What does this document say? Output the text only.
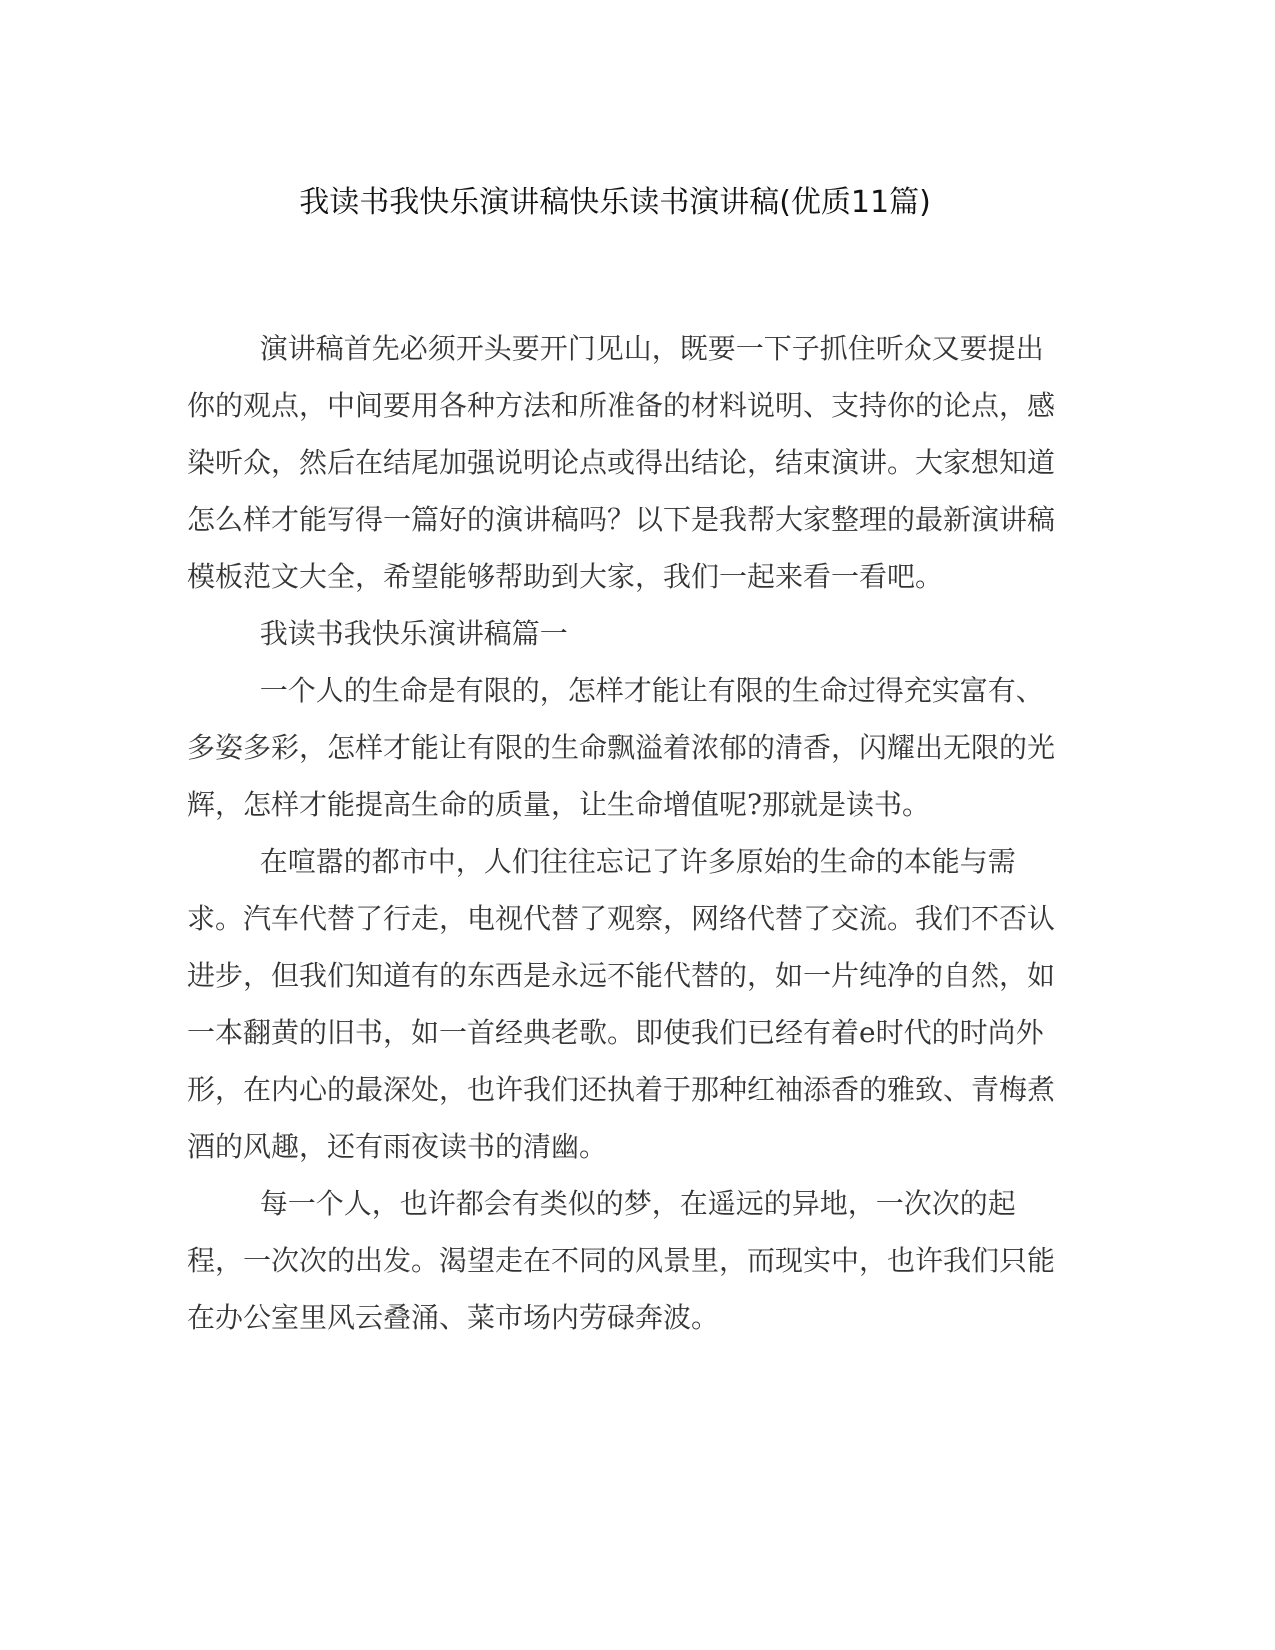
我读书我快乐演讲稿快乐读书演讲稿(优质11篇)

演讲稿首先必须开头要开门见山，既要一下子抓住听众又要提出你的观点，中间要用各种方法和所准备的材料说明、支持你的论点，感染听众，然后在结尾加强说明论点或得出结论，结束演讲。大家想知道怎么样才能写得一篇好的演讲稿吗？以下是我帮大家整理的最新演讲稿模板范文大全，希望能够帮助到大家，我们一起来看一看吧。

我读书我快乐演讲稿篇一

一个人的生命是有限的，怎样才能让有限的生命过得充实富有、多姿多彩，怎样才能让有限的生命飘溢着浓郁的清香，闪耀出无限的光辉，怎样才能提高生命的质量，让生命增值呢?那就是读书。

在喧嚣的都市中，人们往往忘记了许多原始的生命的本能与需求。汽车代替了行走，电视代替了观察，网络代替了交流。我们不否认进步，但我们知道有的东西是永远不能代替的，如一片纯净的自然，如一本翻黄的旧书，如一首经典老歌。即使我们已经有着e时代的时尚外形，在内心的最深处，也许我们还执着于那种红袖添香的雅致、青梅煮酒的风趣，还有雨夜读书的清幽。

每一个人，也许都会有类似的梦，在遥远的异地，一次次的起程，一次次的出发。渴望走在不同的风景里，而现实中，也许我们只能在办公室里风云叠涌、菜市场内劳碌奔波。
